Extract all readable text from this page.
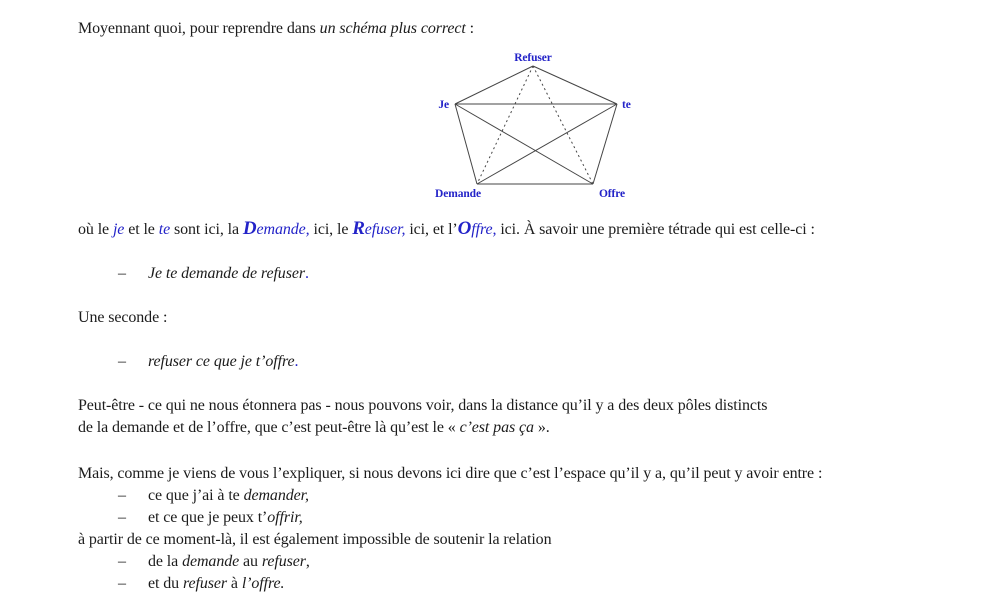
Moyennant quoi, pour reprendre dans un schéma plus correct :
Refuser
Je	te
Demande	Offre
où le je et le te sont ici, la Demande, ici, le Refuser, ici, et l’Offre, ici. À savoir une première tétrade qui est celle-ci :
–	Je te demande de refuser.
Une seconde :
–	refuser ce que je t’offre.
Peut-être - ce qui ne nous étonnera pas - nous pouvons voir, dans la distance qu’il y a des deux pôles distincts
de la demande et de l’offre, que c’est peut-être là qu’est le « c’est pas ça ».
Mais, comme je viens de vous l’expliquer, si nous devons ici dire que c’est l’espace qu’il y a, qu’il peut y avoir entre :
–	ce que j’ai à te demander,
–	et ce que je peux t’offrir,
à partir de ce moment-là, il est également impossible de soutenir la relation
–	de la demande au refuser,
–	et du refuser à l’offre.
